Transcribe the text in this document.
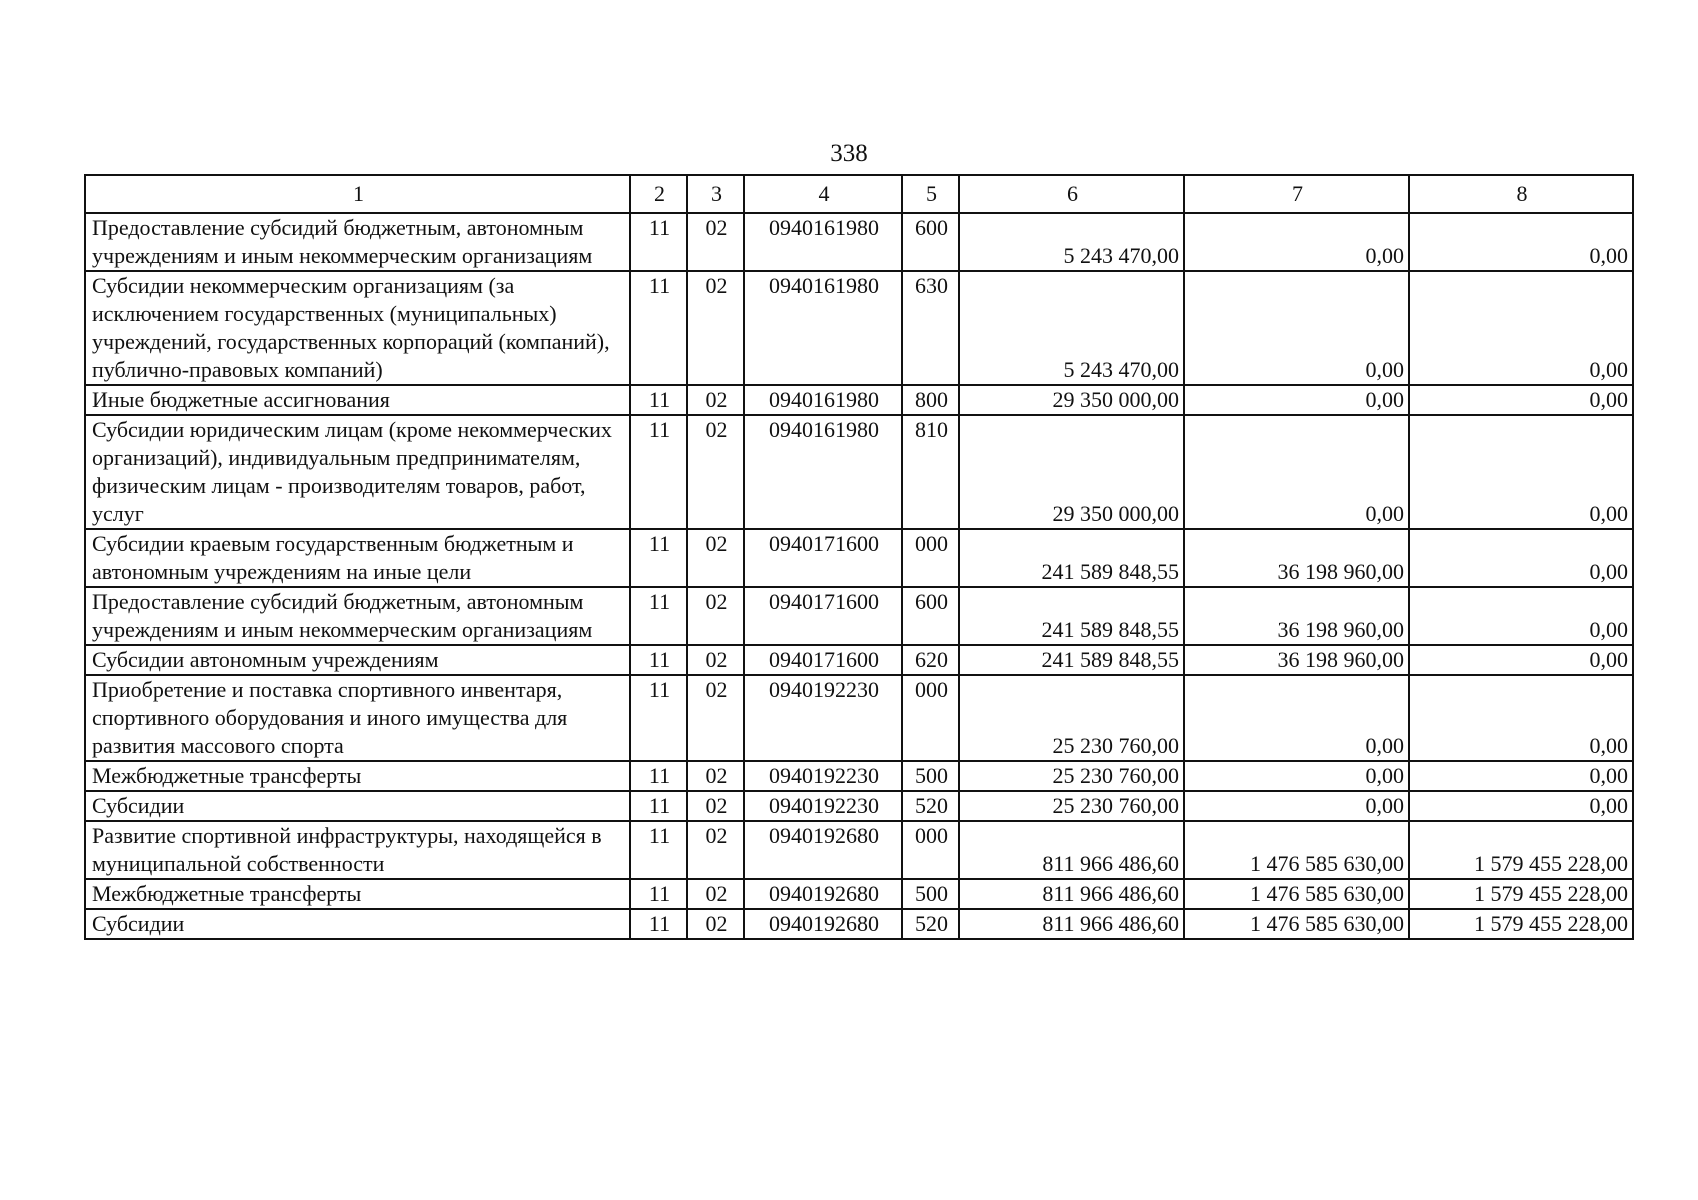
338
1	2	3	4	5	6	7	8
Предоставление субсидий бюджетным, автономным учреждениям и иным некоммерческим организациям	11	02	0940161980	600	5 243 470,00	0,00	0,00
Субсидии некоммерческим организациям (за исключением государственных (муниципальных) учреждений, государственных корпораций (компаний), публично-правовых компаний)	11	02	0940161980	630	5 243 470,00	0,00	0,00
Иные бюджетные ассигнования	11	02	0940161980	800	29 350 000,00	0,00	0,00
Субсидии юридическим лицам (кроме некоммерческих организаций), индивидуальным предпринимателям, физическим лицам - производителям товаров, работ, услуг	11	02	0940161980	810	29 350 000,00	0,00	0,00
Субсидии краевым государственным бюджетным и автономным учреждениям на иные цели	11	02	0940171600	000	241 589 848,55	36 198 960,00	0,00
Предоставление субсидий бюджетным, автономным учреждениям и иным некоммерческим организациям	11	02	0940171600	600	241 589 848,55	36 198 960,00	0,00
Субсидии автономным учреждениям	11	02	0940171600	620	241 589 848,55	36 198 960,00	0,00
Приобретение и поставка спортивного инвентаря, спортивного оборудования и иного имущества для развития массового спорта	11	02	0940192230	000	25 230 760,00	0,00	0,00
Межбюджетные трансферты	11	02	0940192230	500	25 230 760,00	0,00	0,00
Субсидии	11	02	0940192230	520	25 230 760,00	0,00	0,00
Развитие спортивной инфраструктуры, находящейся в муниципальной собственности	11	02	0940192680	000	811 966 486,60	1 476 585 630,00	1 579 455 228,00
Межбюджетные трансферты	11	02	0940192680	500	811 966 486,60	1 476 585 630,00	1 579 455 228,00
Субсидии	11	02	0940192680	520	811 966 486,60	1 476 585 630,00	1 579 455 228,00
